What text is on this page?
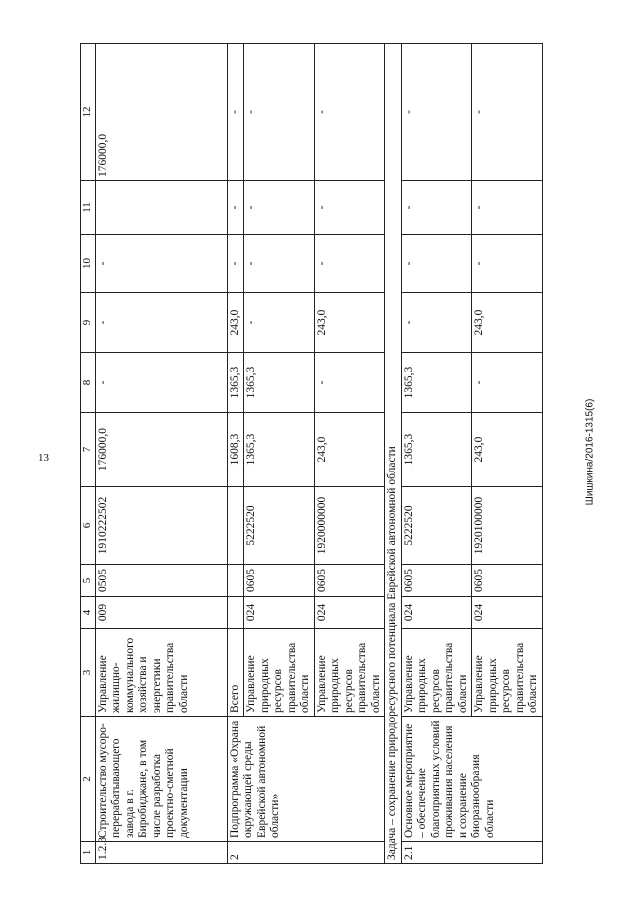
13	Шишкина/2016-1315(6)
1	2	3	4	5	6	7	8	9	10	11	12
1.2.3	Строительство мусоро-перерабатывающего завода в г. Биробиджане, в том числе разработка проектно-сметной документации	Управление жилищно-коммунального хозяйства и энергетики правительства области	009	0505	1910222502	176000,0	-	-	-		176000,0
2	Подпрограмма «Охрана окружающей среды Еврейской автономной области»	Всего				1608,3	1365,3	243,0	-	-	-
		Управление природных ресурсов правительства области	024	0605	5222520	1365,3	1365,3	-	-	-	-
		Управление природных ресурсов правительства области	024	0605	1920000000	243,0	-	243,0	-	-	-
Задача – сохранение природоресурсного потенциала Еврейской автономной области											
2.1	Основное мероприятие – обеспечение благоприятных условий проживания населения и сохранение биоразнообразия области	Управление природных ресурсов правительства области	024	0605	5222520	1365,3	1365,3	-	-	-	-
		Управление природных ресурсов правительства области	024	0605	1920100000	243,0	-	243,0	-	-	-
